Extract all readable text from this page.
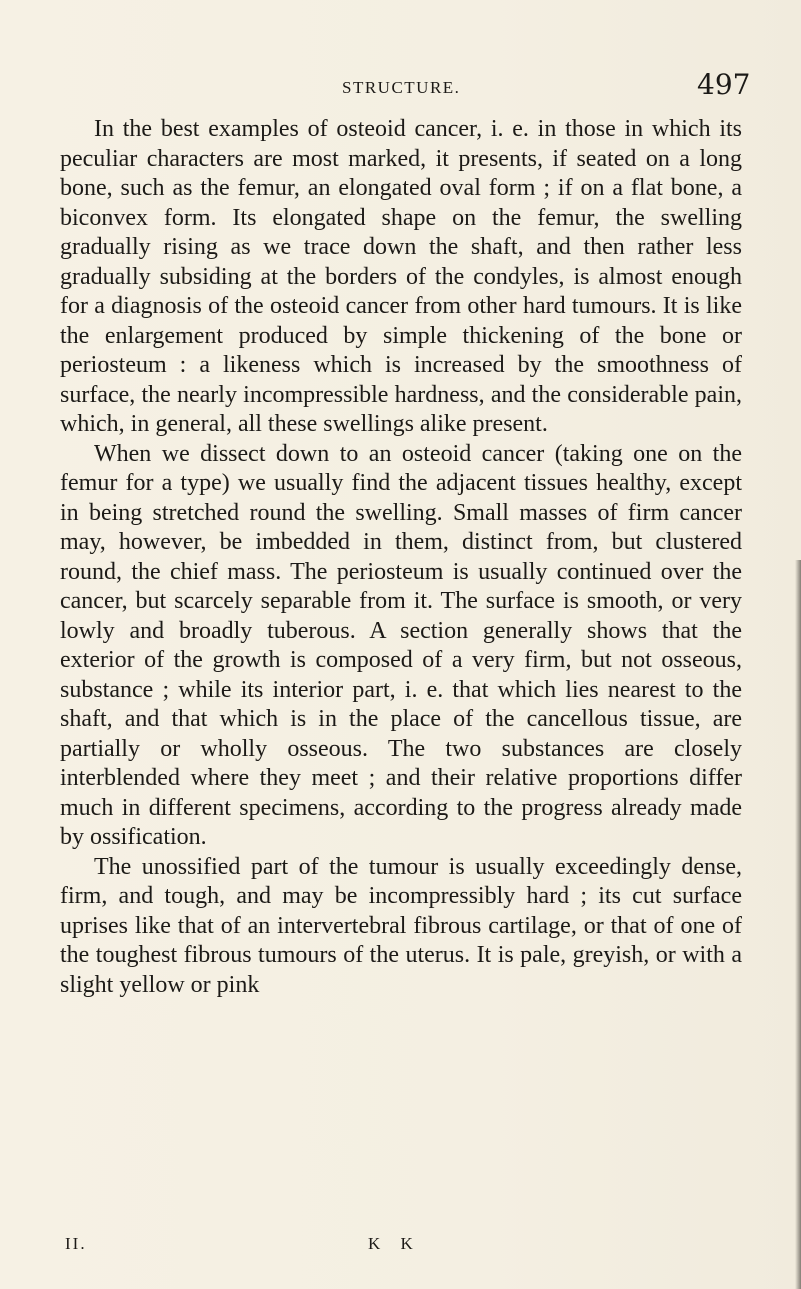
STRUCTURE.	497

In the best examples of osteoid cancer, i. e. in those in which its peculiar characters are most marked, it presents, if seated on a long bone, such as the femur, an elongated oval form ; if on a flat bone, a biconvex form. Its elongated shape on the femur, the swelling gradually rising as we trace down the shaft, and then rather less gradually subsiding at the borders of the condyles, is almost enough for a diagnosis of the osteoid cancer from other hard tumours. It is like the enlargement produced by simple thickening of the bone or periosteum : a likeness which is increased by the smoothness of surface, the nearly incompressible hardness, and the considerable pain, which, in general, all these swellings alike present.

When we dissect down to an osteoid cancer (taking one on the femur for a type) we usually find the adjacent tissues healthy, except in being stretched round the swelling. Small masses of firm cancer may, however, be imbedded in them, distinct from, but clustered round, the chief mass. The periosteum is usually continued over the cancer, but scarcely separable from it. The surface is smooth, or very lowly and broadly tuberous. A section generally shows that the exterior of the growth is composed of a very firm, but not osseous, substance ; while its interior part, i. e. that which lies nearest to the shaft, and that which is in the place of the cancellous tissue, are partially or wholly osseous. The two substances are closely interblended where they meet ; and their relative proportions differ much in different specimens, according to the progress already made by ossification.

The unossified part of the tumour is usually exceedingly dense, firm, and tough, and may be incompressibly hard ; its cut surface uprises like that of an intervertebral fibrous cartilage, or that of one of the toughest fibrous tumours of the uterus. It is pale, greyish, or with a slight yellow or pink

II.	K K
